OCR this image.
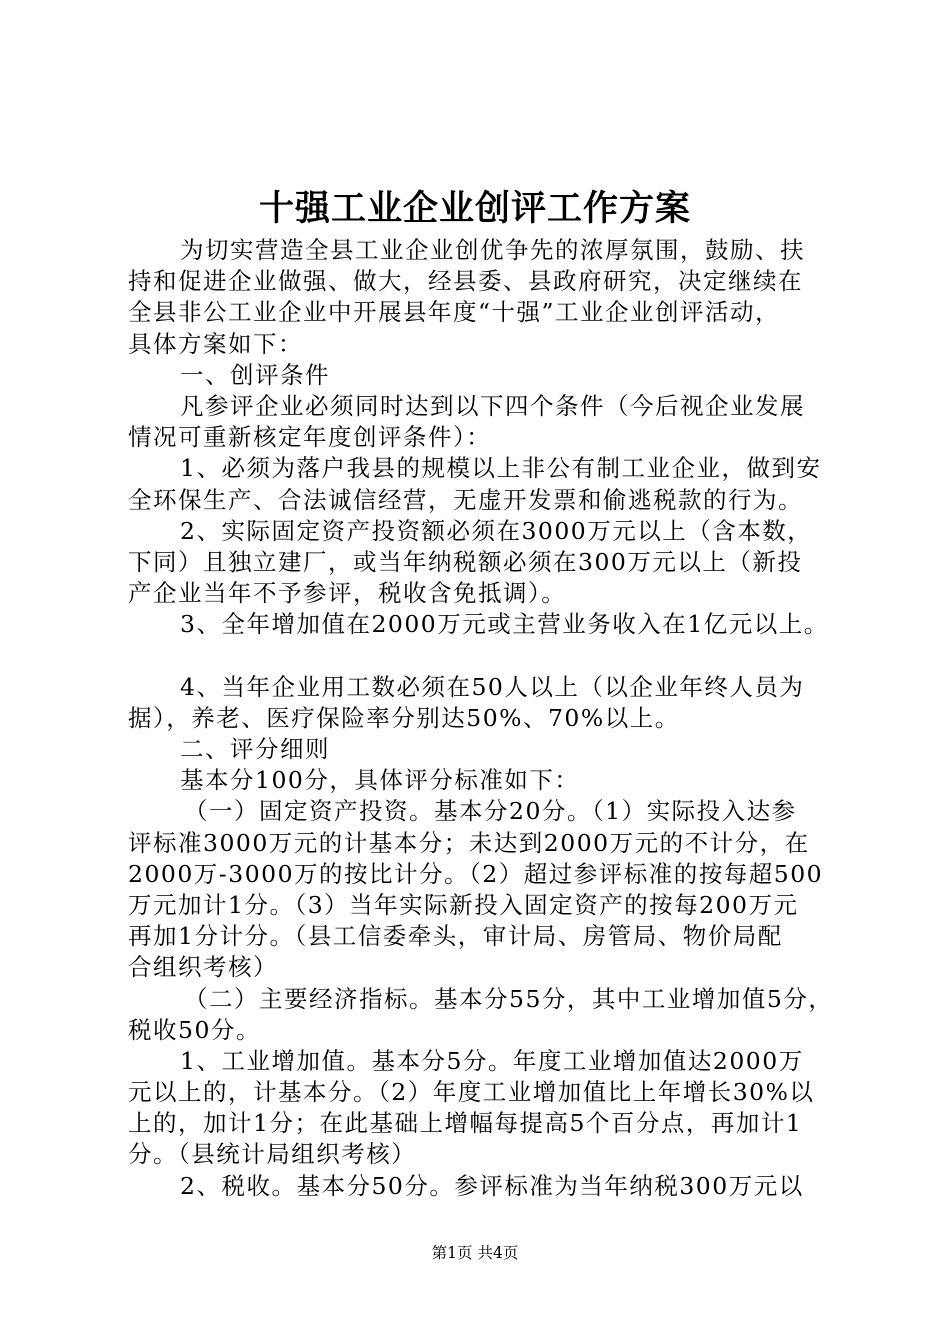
十强工业企业创评工作方案
为切实营造全县工业企业创优争先的浓厚氛围，鼓励、扶
持和促进企业做强、做大，经县委、县政府研究，决定继续在
全县非公工业企业中开展县年度“十强”工业企业创评活动，
具体方案如下：
一、创评条件
凡参评企业必须同时达到以下四个条件（今后视企业发展
情况可重新核定年度创评条件）：
1、必须为落户我县的规模以上非公有制工业企业，做到安
全环保生产、合法诚信经营，无虚开发票和偷逃税款的行为。
2、实际固定资产投资额必须在3000万元以上（含本数，
下同）且独立建厂，或当年纳税额必须在300万元以上（新投
产企业当年不予参评，税收含免抵调）。
3、全年增加值在2000万元或主营业务收入在1亿元以上。
4、当年企业用工数必须在50人以上（以企业年终人员为
据），养老、医疗保险率分别达50%、70%以上。
二、评分细则
基本分100分，具体评分标准如下：
（一）固定资产投资。基本分20分。（1）实际投入达参
评标准3000万元的计基本分；未达到2000万元的不计分，在
2000万-3000万的按比计分。（2）超过参评标准的按每超500
万元加计1分。（3）当年实际新投入固定资产的按每200万元
再加1分计分。（县工信委牵头，审计局、房管局、物价局配
合组织考核）
（二）主要经济指标。基本分55分，其中工业增加值5分，
税收50分。
1、工业增加值。基本分5分。年度工业增加值达2000万
元以上的，计基本分。（2）年度工业增加值比上年增长30%以
上的，加计1分；在此基础上增幅每提高5个百分点，再加计1
分。（县统计局组织考核）
2、税收。基本分50分。参评标准为当年纳税300万元以
第1页 共4页
